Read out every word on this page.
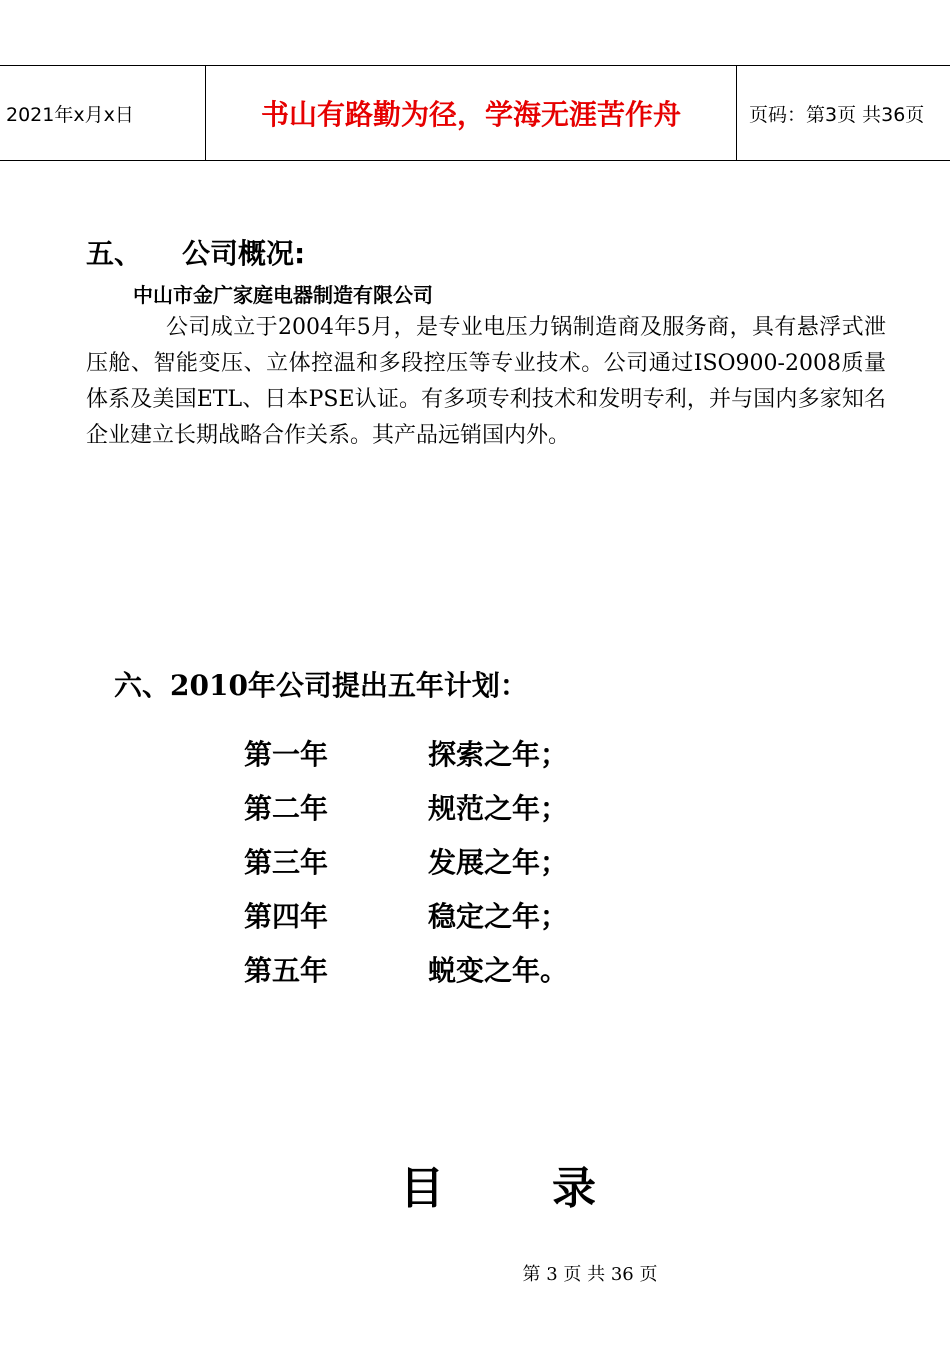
2021年x月x日	书山有路勤为径，学海无涯苦作舟	页码：第3页 共36页
五、 公司概况:
中山市金广家庭电器制造有限公司
公司成立于2004年5月，是专业电压力锅制造商及服务商，具有悬浮式泄压舱、智能变压、立体控温和多段控压等专业技术。公司通过ISO900-2008质量体系及美国ETL、日本PSE认证。有多项专利技术和发明专利，并与国内多家知名企业建立长期战略合作关系。其产品远销国内外。
六、2010年公司提出五年计划：
第一年	探索之年；
第二年	规范之年；
第三年	发展之年；
第四年	稳定之年；
第五年	蜕变之年。
目 录
第 3 页 共 36 页
